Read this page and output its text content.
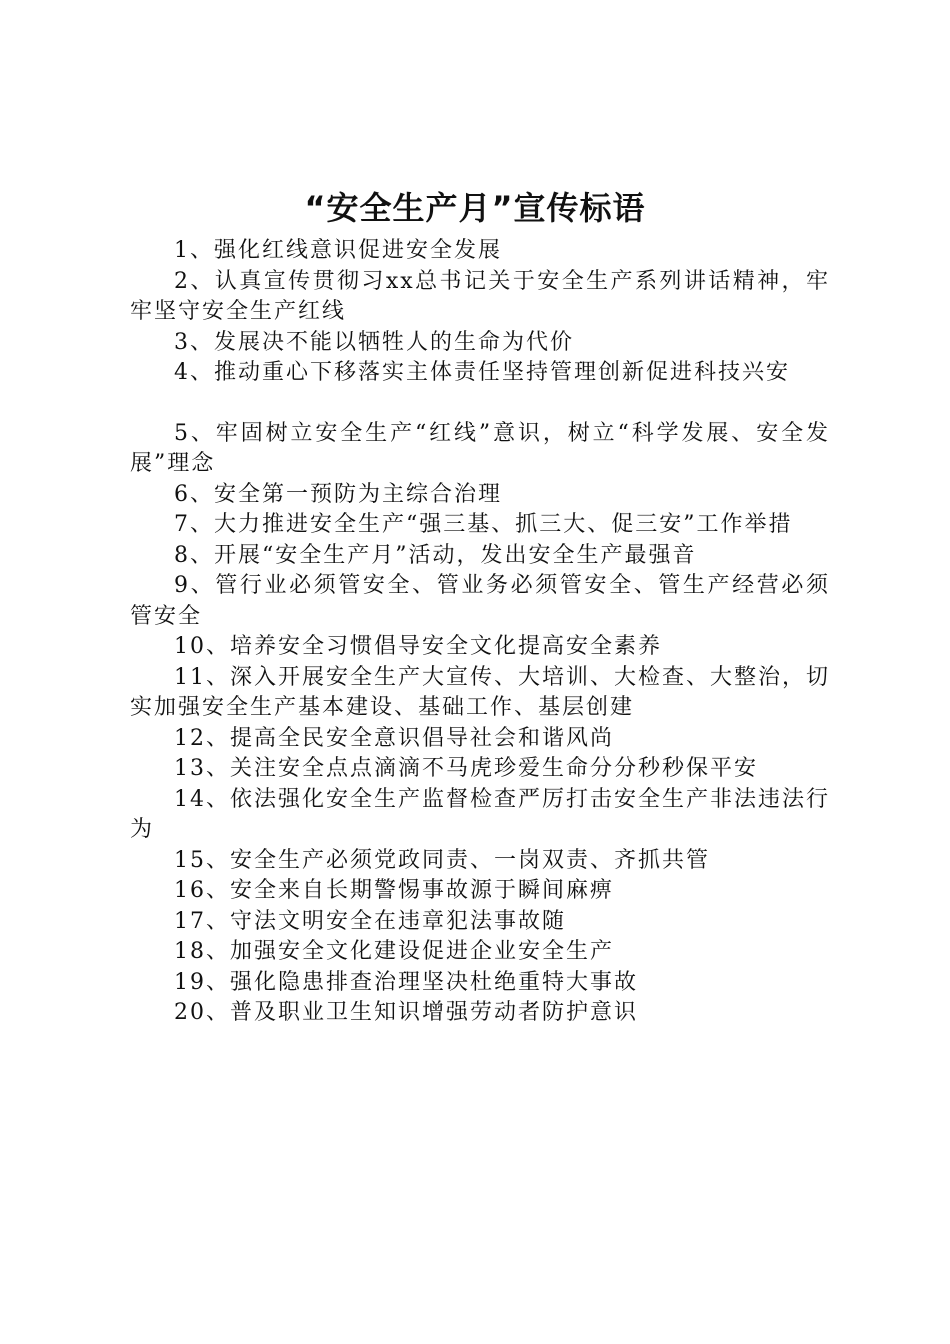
“安全生产月”宣传标语
1、强化红线意识促进安全发展
2、认真宣传贯彻习xx总书记关于安全生产系列讲话精神，牢牢坚守安全生产红线
3、发展决不能以牺牲人的生命为代价
4、推动重心下移落实主体责任坚持管理创新促进科技兴安
5、牢固树立安全生产“红线”意识，树立“科学发展、安全发展”理念
6、安全第一预防为主综合治理
7、大力推进安全生产“强三基、抓三大、促三安”工作举措
8、开展“安全生产月”活动，发出安全生产最强音
9、管行业必须管安全、管业务必须管安全、管生产经营必须管安全
10、培养安全习惯倡导安全文化提高安全素养
11、深入开展安全生产大宣传、大培训、大检查、大整治，切实加强安全生产基本建设、基础工作、基层创建
12、提高全民安全意识倡导社会和谐风尚
13、关注安全点点滴滴不马虎珍爱生命分分秒秒保平安
14、依法强化安全生产监督检查严厉打击安全生产非法违法行为
15、安全生产必须党政同责、一岗双责、齐抓共管
16、安全来自长期警惕事故源于瞬间麻痹
17、守法文明安全在违章犯法事故随
18、加强安全文化建设促进企业安全生产
19、强化隐患排查治理坚决杜绝重特大事故
20、普及职业卫生知识增强劳动者防护意识
